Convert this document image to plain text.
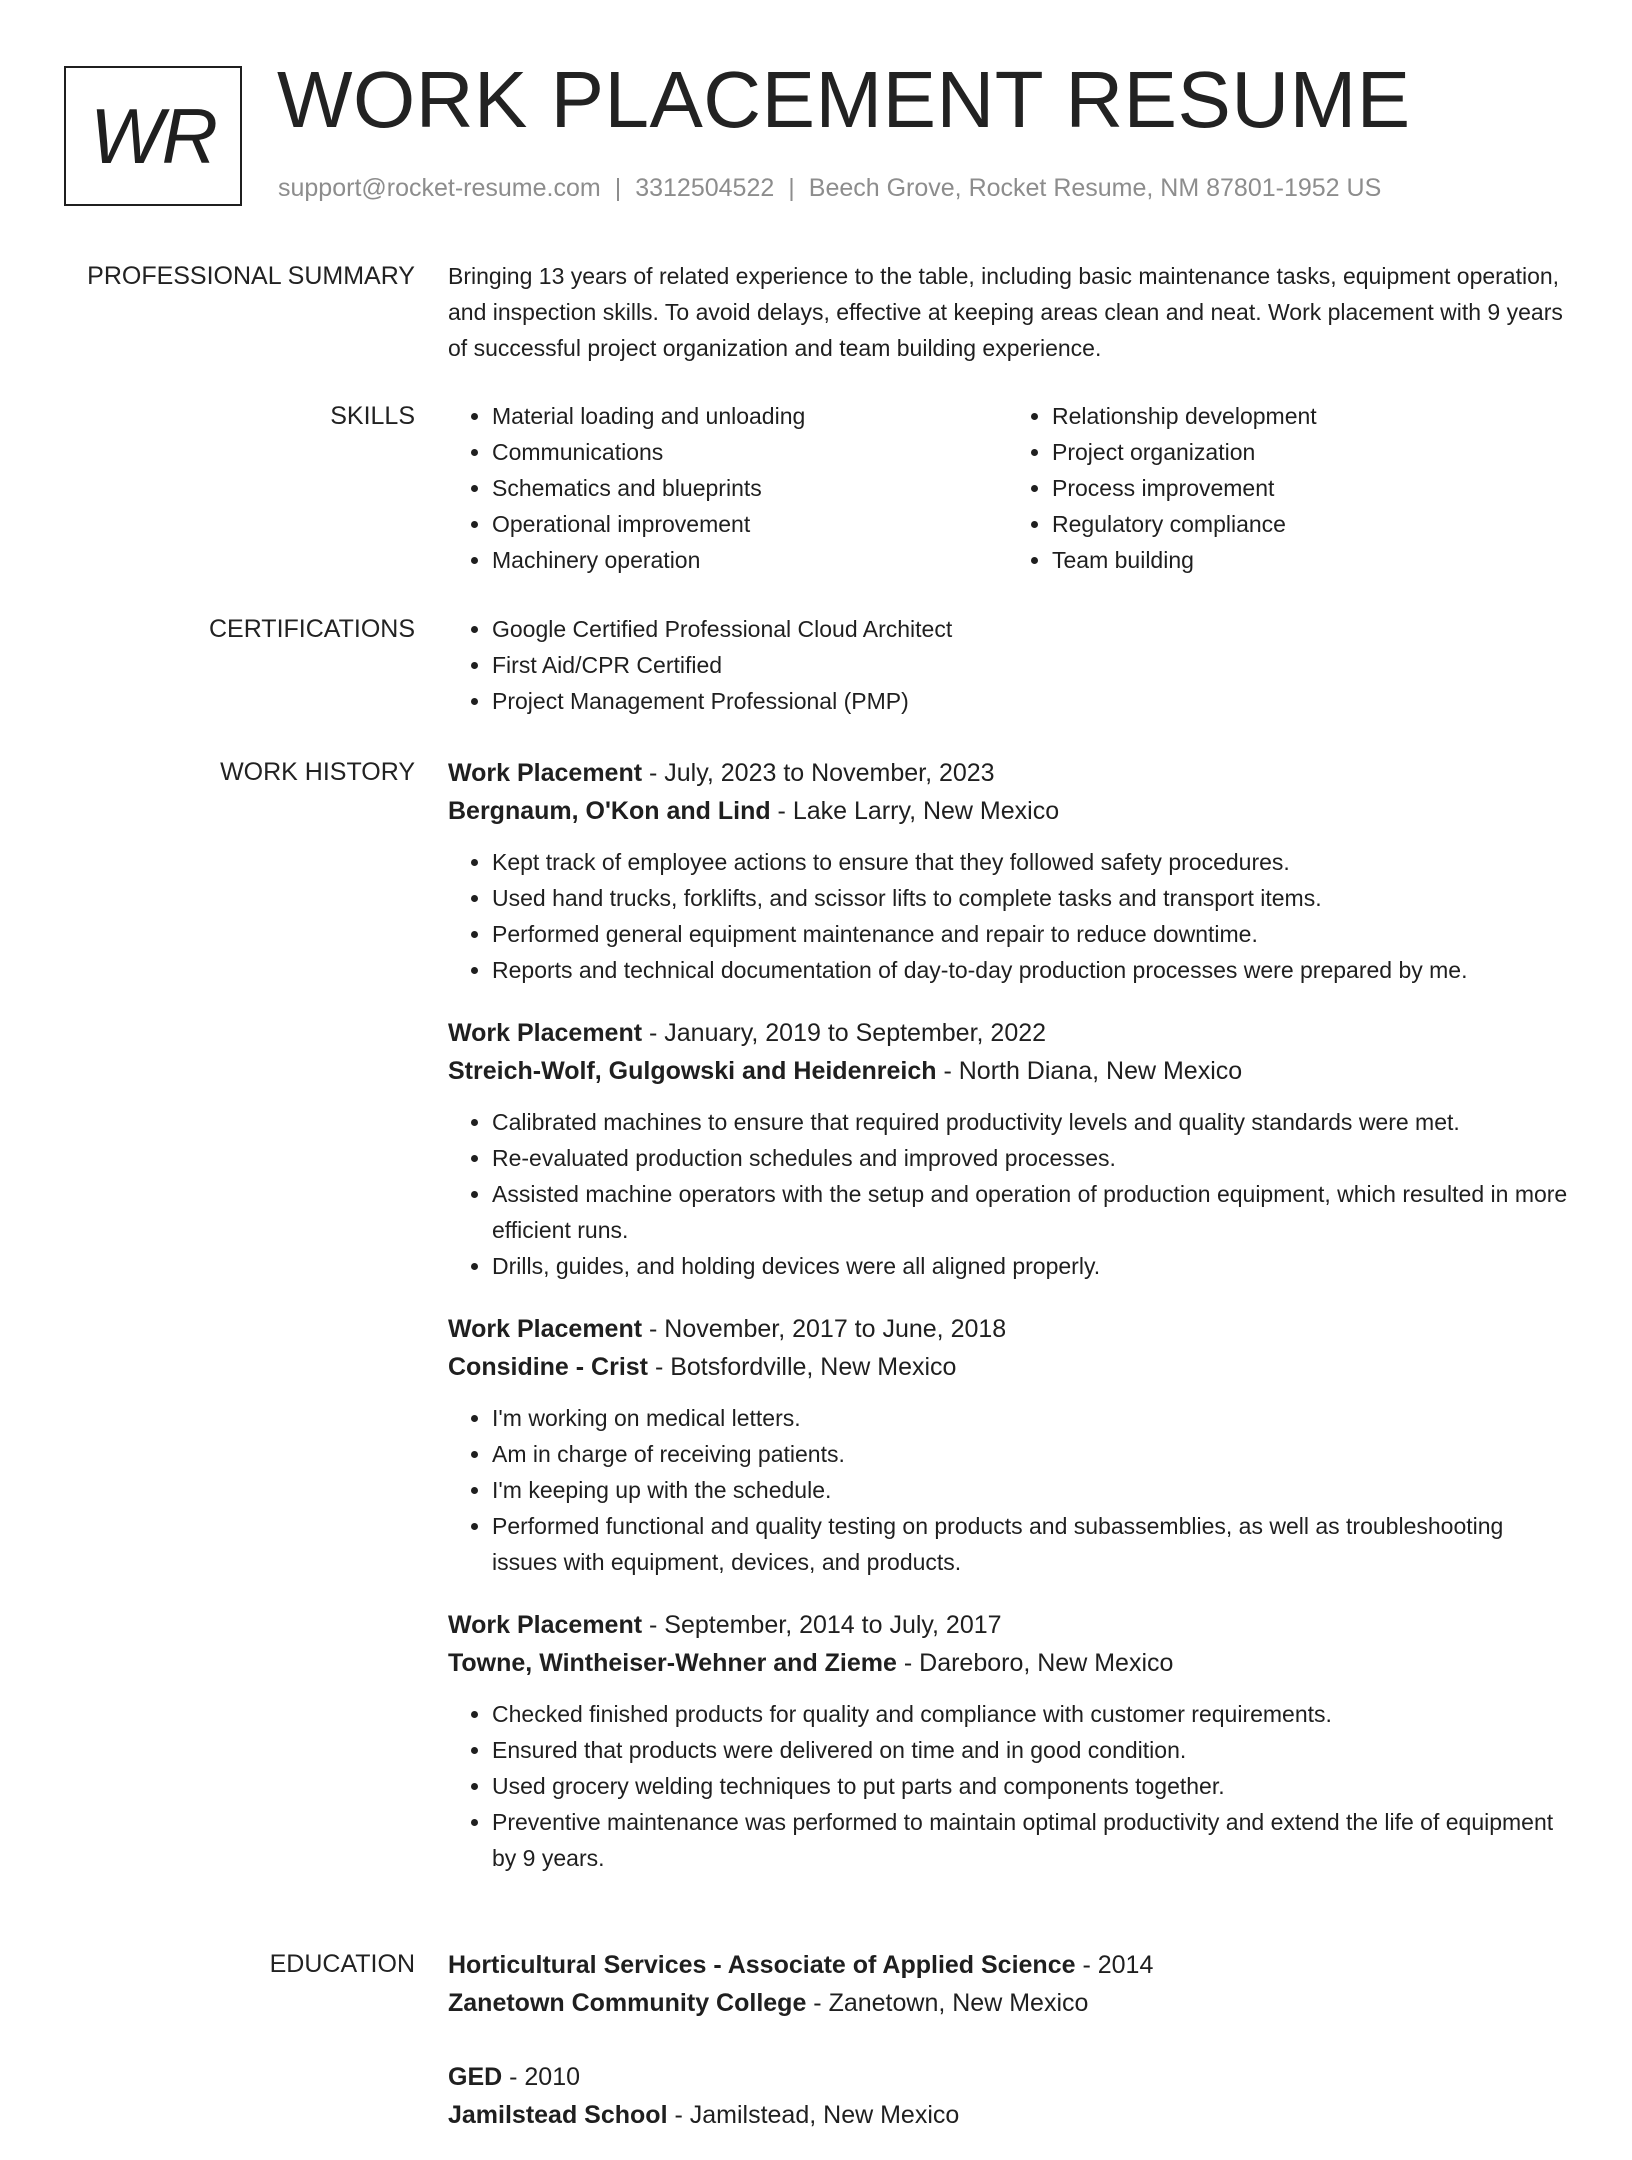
WR WORK PLACEMENT RESUME
support@rocket-resume.com | 3312504522 | Beech Grove, Rocket Resume, NM 87801-1952 US
PROFESSIONAL SUMMARY Bringing 13 years of related experience to the table, including basic maintenance tasks, equipment operation, and inspection skills. To avoid delays, effective at keeping areas clean and neat. Work placement with 9 years of successful project organization and team building experience.

SKILLS	• Material loading and unloading
• Communications
• Schematics and blueprints
• Operational improvement
• Machinery operation
• Relationship development
• Project organization
• Process improvement
• Regulatory compliance
• Team building
CERTIFICATIONS	• Google Certified Professional Cloud Architect
• First Aid/CPR Certified
• Project Management Professional (PMP)
WORK HISTORY Work Placement - July, 2023 to November, 2023
Bergnaum, O'Kon and Lind - Lake Larry, New Mexico
• Kept track of employee actions to ensure that they followed safety procedures.
• Used hand trucks, forklifts, and scissor lifts to complete tasks and transport items.
• Performed general equipment maintenance and repair to reduce downtime.
• Reports and technical documentation of day-to-day production processes were prepared by me.
Work Placement - January, 2019 to September, 2022
Streich-Wolf, Gulgowski and Heidenreich - North Diana, New Mexico
• Calibrated machines to ensure that required productivity levels and quality standards were met.
• Re-evaluated production schedules and improved processes.
• Assisted machine operators with the setup and operation of production equipment, which resulted in more efficient runs.
• Drills, guides, and holding devices were all aligned properly.
Work Placement - November, 2017 to June, 2018
Considine - Crist - Botsfordville, New Mexico
• I'm working on medical letters.
• Am in charge of receiving patients.
• I'm keeping up with the schedule.
• Performed functional and quality testing on products and subassemblies, as well as troubleshooting issues with equipment, devices, and products.
Work Placement - September, 2014 to July, 2017
Towne, Wintheiser-Wehner and Zieme - Dareboro, New Mexico
• Checked finished products for quality and compliance with customer requirements.
• Ensured that products were delivered on time and in good condition.
• Used grocery welding techniques to put parts and components together.
• Preventive maintenance was performed to maintain optimal productivity and extend the life of equipment by 9 years.
EDUCATION Horticultural Services - Associate of Applied Science - 2014
Zanetown Community College - Zanetown, New Mexico
GED - 2010
Jamilstead School - Jamilstead, New Mexico
